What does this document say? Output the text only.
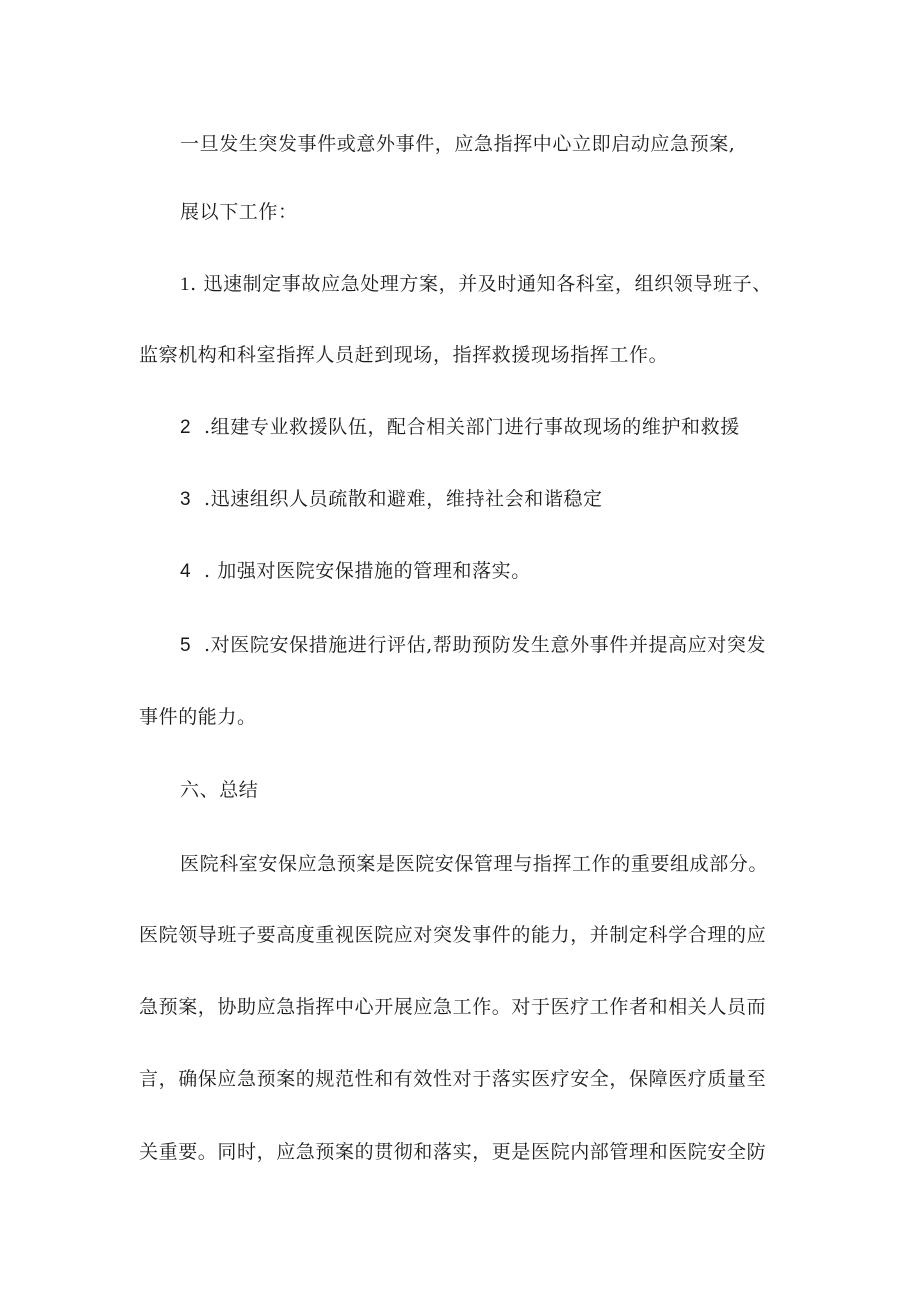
一旦发生突发事件或意外事件，应急指挥中心立即启动应急预案,

展以下工作：

1. 迅速制定事故应急处理方案，并及时通知各科室，组织领导班子、

监察机构和科室指挥人员赶到现场，指挥救援现场指挥工作。

2 .组建专业救援队伍，配合相关部门进行事故现场的维护和救援

3 .迅速组织人员疏散和避难，维持社会和谐稳定

4 . 加强对医院安保措施的管理和落实。

5 .对医院安保措施进行评估,帮助预防发生意外事件并提高应对突发

事件的能力。

六、总结

医院科室安保应急预案是医院安保管理与指挥工作的重要组成部分。

医院领导班子要高度重视医院应对突发事件的能力，并制定科学合理的应

急预案，协助应急指挥中心开展应急工作。对于医疗工作者和相关人员而

言，确保应急预案的规范性和有效性对于落实医疗安全，保障医疗质量至

关重要。同时，应急预案的贯彻和落实，更是医院内部管理和医院安全防
